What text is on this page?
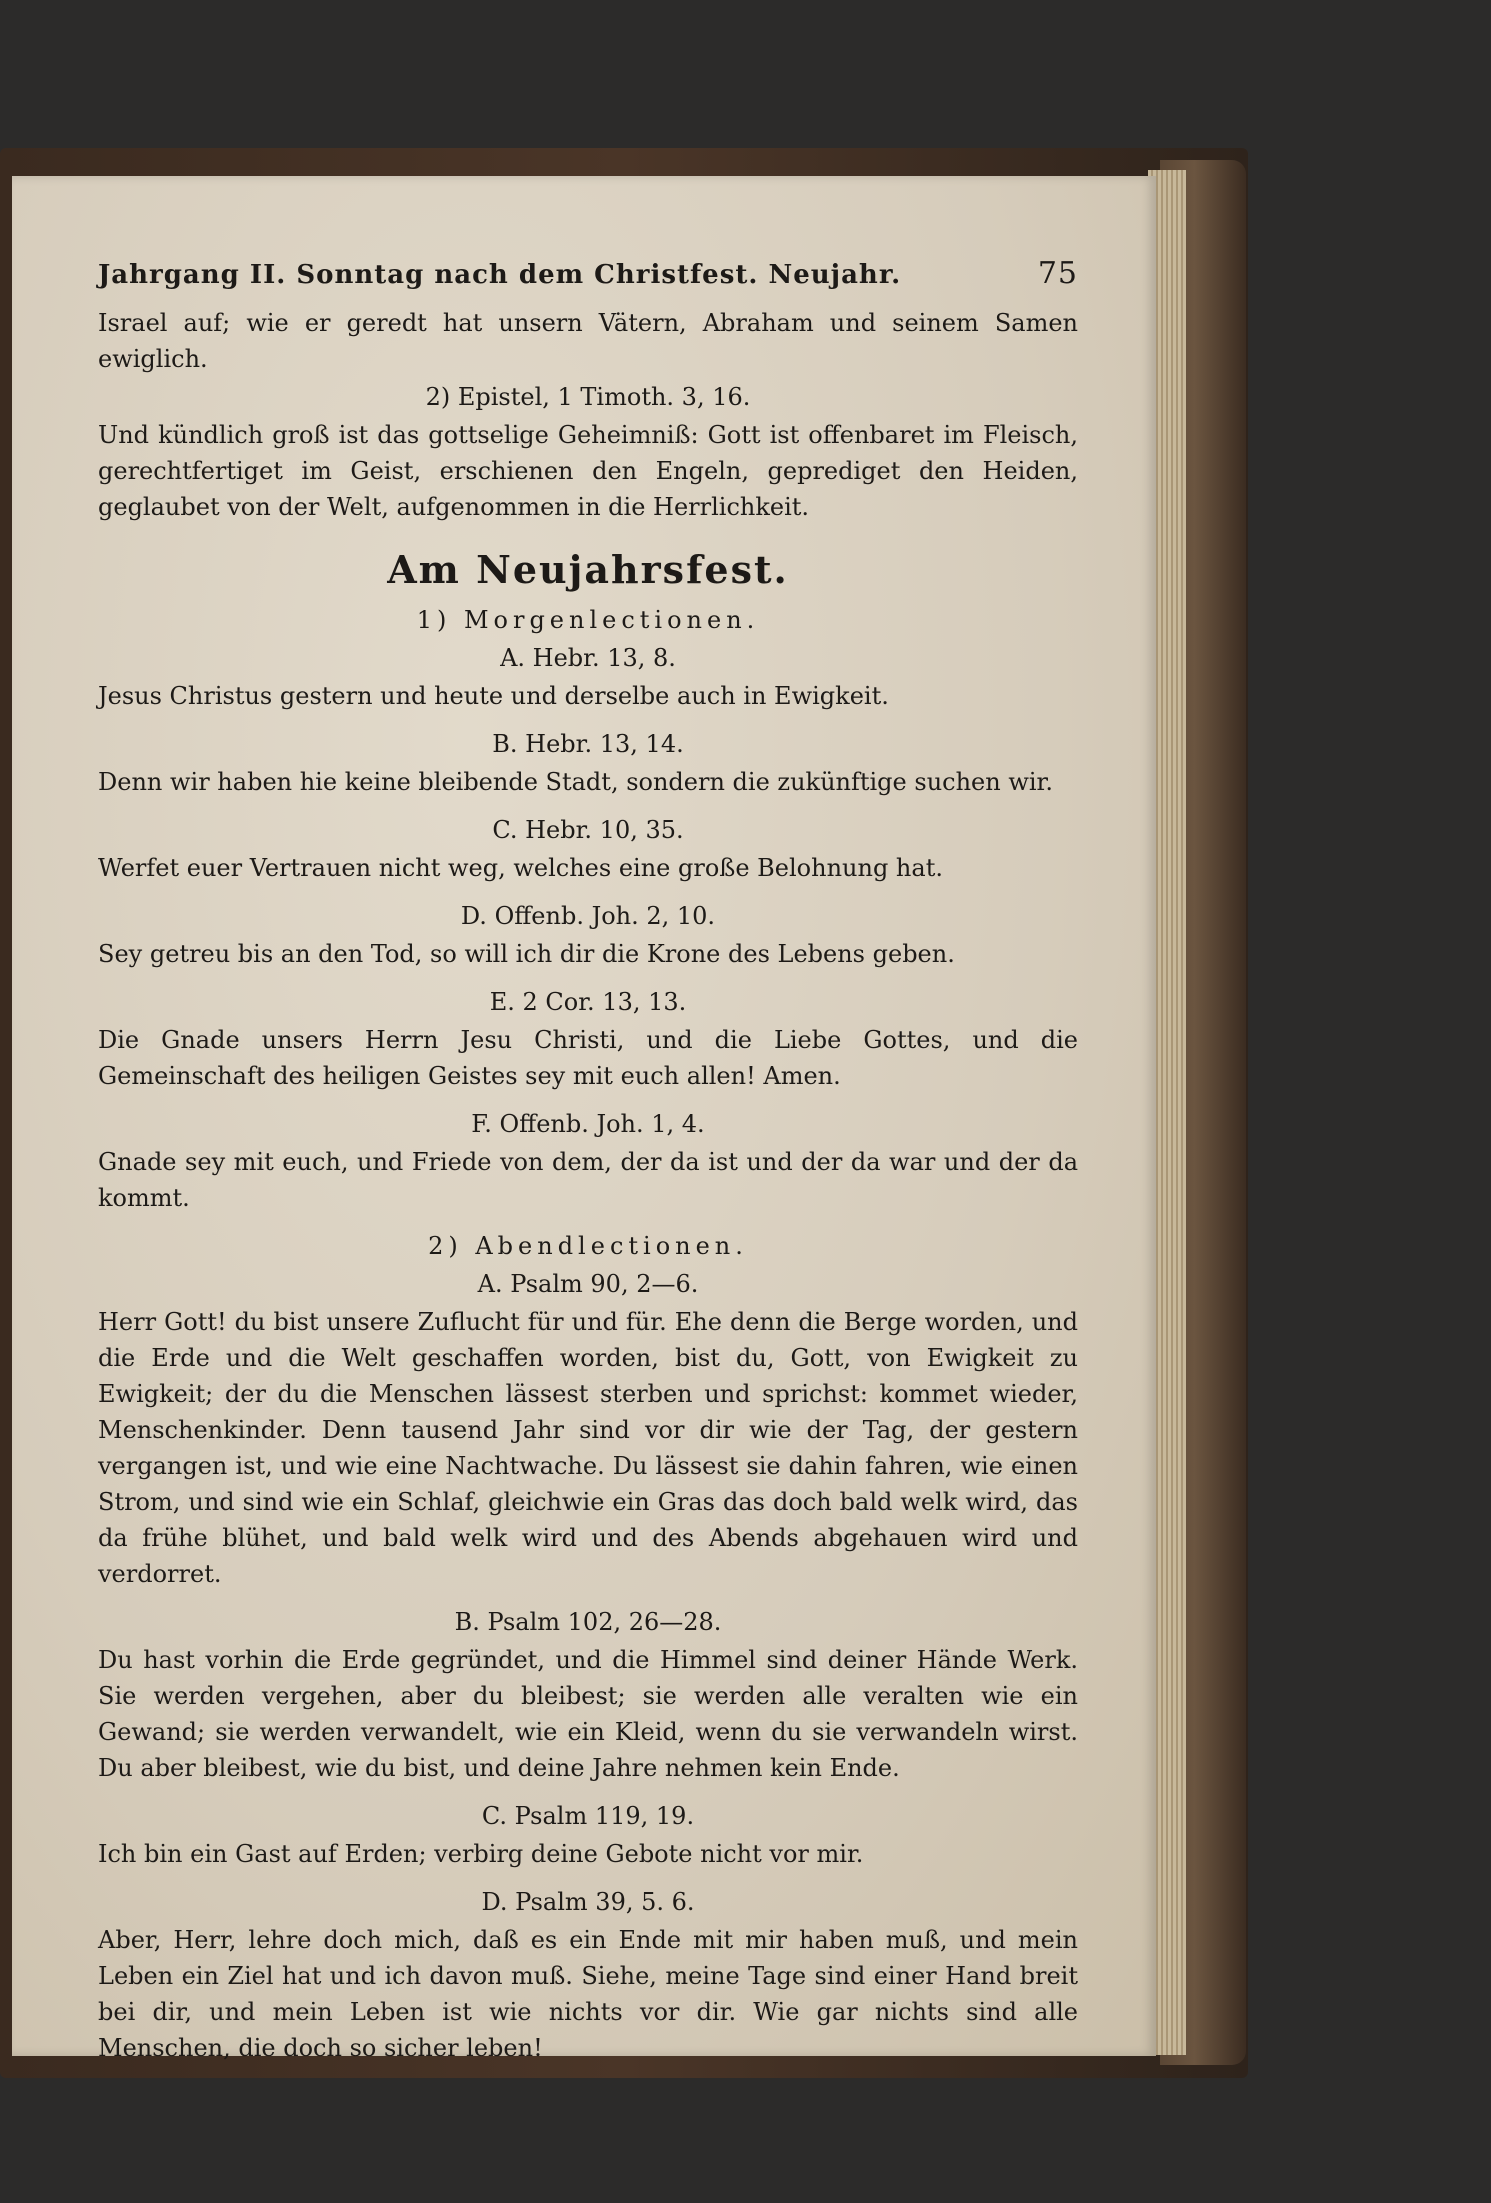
Jahrgang II. Sonntag nach dem Christfest. Neujahr.	75

Israel auf; wie er geredt hat unsern Vätern, Abraham und seinem Samen ewiglich.

2) Epistel, 1 Timoth. 3, 16.

Und kündlich groß ist das gottselige Geheimniß: Gott ist offenbaret im Fleisch, gerechtfertiget im Geist, erschienen den Engeln, geprediget den Heiden, geglaubet von der Welt, aufgenommen in die Herrlichkeit.

Am Neujahrsfest.
1) Morgenlectionen.
A. Hebr. 13, 8.

Jesus Christus gestern und heute und derselbe auch in Ewigkeit.

B. Hebr. 13, 14.

Denn wir haben hie keine bleibende Stadt, sondern die zukünftige suchen wir.

C. Hebr. 10, 35.

Werfet euer Vertrauen nicht weg, welches eine große Belohnung hat.

D. Offenb. Joh. 2, 10.

Sey getreu bis an den Tod, so will ich dir die Krone des Lebens geben.

E. 2 Cor. 13, 13.

Die Gnade unsers Herrn Jesu Christi, und die Liebe Gottes, und die Gemeinschaft des heiligen Geistes sey mit euch allen! Amen.

F. Offenb. Joh. 1, 4.

Gnade sey mit euch, und Friede von dem, der da ist und der da war und der da kommt.

2) Abendlectionen.
A. Psalm 90, 2—6.

Herr Gott! du bist unsere Zuflucht für und für. Ehe denn die Berge worden, und die Erde und die Welt geschaffen worden, bist du, Gott, von Ewigkeit zu Ewigkeit; der du die Menschen lässest sterben und sprichst: kommet wieder, Menschenkinder. Denn tausend Jahr sind vor dir wie der Tag, der gestern vergangen ist, und wie eine Nachtwache. Du lässest sie dahin fahren, wie einen Strom, und sind wie ein Schlaf, gleichwie ein Gras das doch bald welk wird, das da frühe blühet, und bald welk wird und des Abends abgehauen wird und verdorret.

B. Psalm 102, 26—28.

Du hast vorhin die Erde gegründet, und die Himmel sind deiner Hände Werk. Sie werden vergehen, aber du bleibest; sie werden alle veralten wie ein Gewand; sie werden verwandelt, wie ein Kleid, wenn du sie verwandeln wirst. Du aber bleibest, wie du bist, und deine Jahre nehmen kein Ende.

C. Psalm 119, 19.

Ich bin ein Gast auf Erden; verbirg deine Gebote nicht vor mir.

D. Psalm 39, 5. 6.

Aber, Herr, lehre doch mich, daß es ein Ende mit mir haben muß, und mein Leben ein Ziel hat und ich davon muß. Siehe, meine Tage sind einer Hand breit bei dir, und mein Leben ist wie nichts vor dir. Wie gar nichts sind alle Menschen, die doch so sicher leben!
